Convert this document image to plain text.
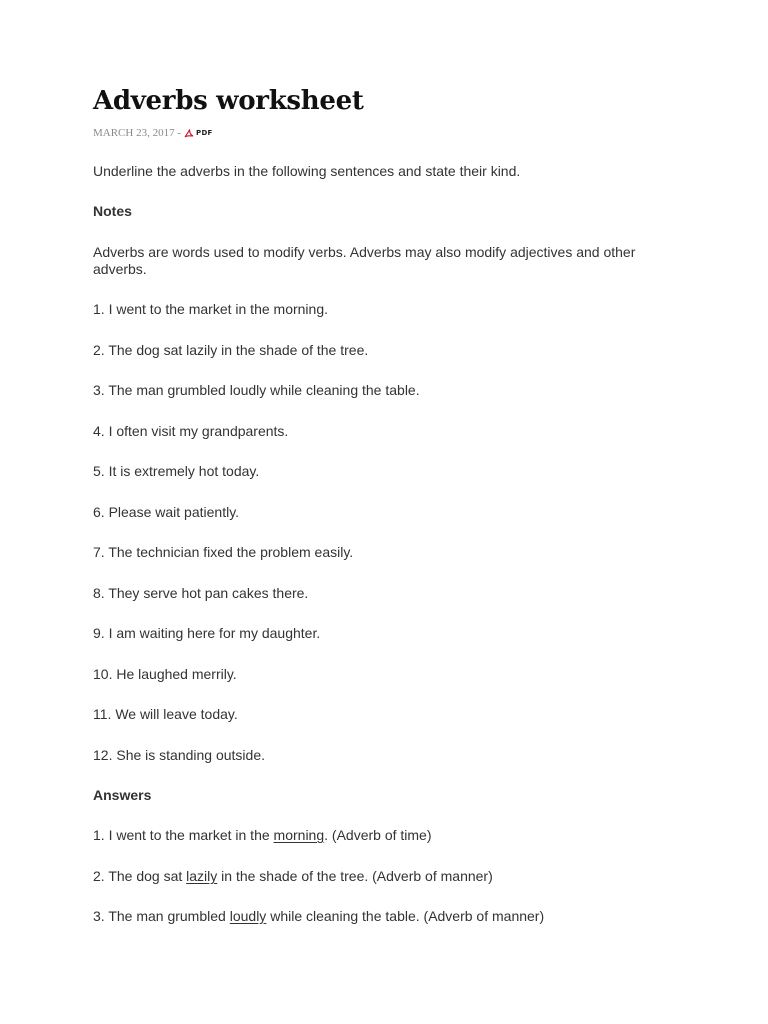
Adverbs worksheet
MARCH 23, 2017 - PDF

Underline the adverbs in the following sentences and state their kind.

Notes

Adverbs are words used to modify verbs. Adverbs may also modify adjectives and other adverbs.

1. I went to the market in the morning.

2. The dog sat lazily in the shade of the tree.

3. The man grumbled loudly while cleaning the table.

4. I often visit my grandparents.

5. It is extremely hot today.

6. Please wait patiently.

7. The technician fixed the problem easily.

8. They serve hot pan cakes there.

9. I am waiting here for my daughter.

10. He laughed merrily.

11. We will leave today.

12. She is standing outside.

Answers

1. I went to the market in the morning. (Adverb of time)

2. The dog sat lazily in the shade of the tree. (Adverb of manner)

3. The man grumbled loudly while cleaning the table. (Adverb of manner)
